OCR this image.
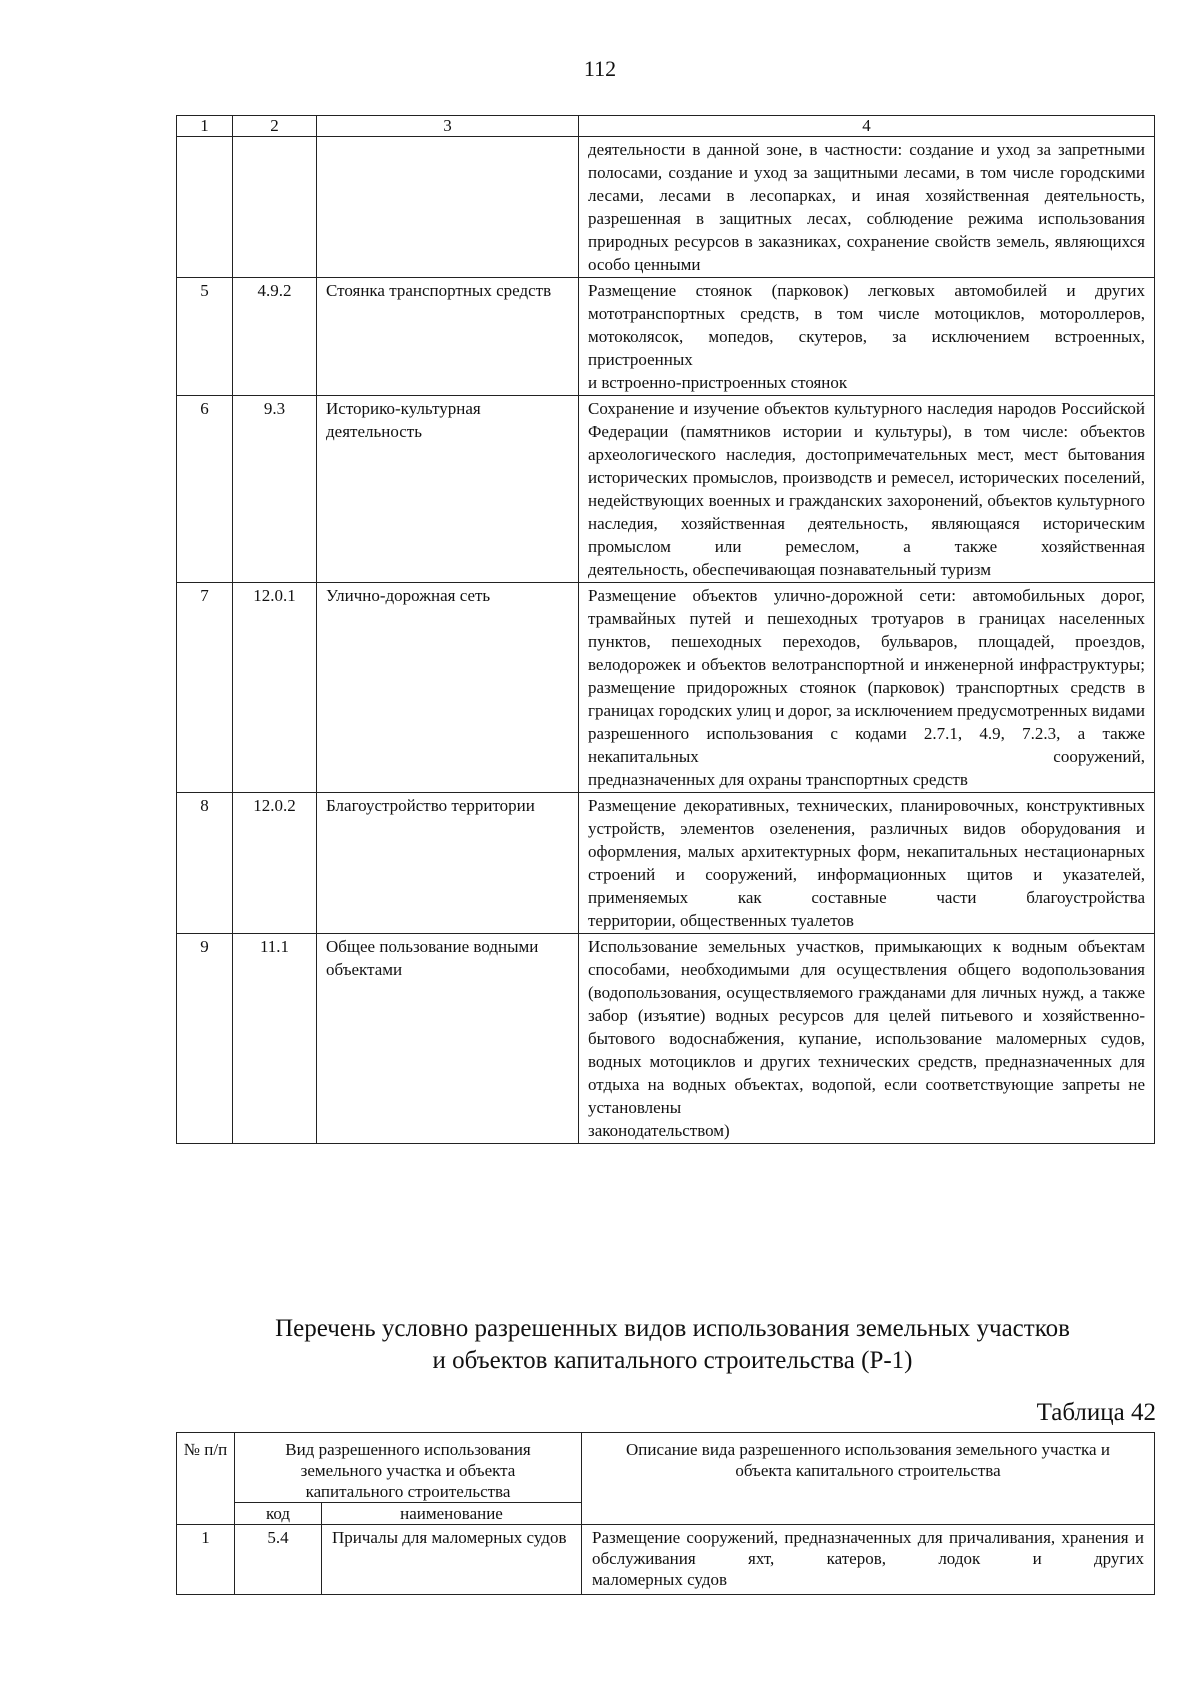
112
1	2	3	4
			деятельности в данной зоне, в частности: создание и уход за запретными полосами, создание и уход за защитными лесами, в том числе городскими лесами, лесами в лесопарках, и иная хозяйственная деятельность, разрешенная в защитных лесах, соблюдение режима использования природных ресурсов в заказниках, сохранение свойств земель, являющихся
особо ценными

5	4.9.2	Стоянка транспортных средств	Размещение стоянок (парковок) легковых автомобилей и других мототранспортных средств, в том числе мотоциклов, мотороллеров, мотоколясок, мопедов, скутеров, за исключением встроенных, пристроенных
и встроенно-пристроенных стоянок

6	9.3	Историко-культурная деятельность	Сохранение и изучение объектов культурного наследия народов Российской Федерации (памятников истории и культуры), в том числе: объектов археологического наследия, достопримечательных мест, мест бытования исторических промыслов, производств и ремесел, исторических поселений, недействующих военных и гражданских захоронений, объектов культурного наследия, хозяйственная деятельность, являющаяся историческим промыслом или ремеслом, а также хозяйственная
деятельность, обеспечивающая познавательный туризм

7	12.0.1	Улично-дорожная сеть	Размещение объектов улично-дорожной сети: автомобильных дорог, трамвайных путей и пешеходных тротуаров в границах населенных пунктов, пешеходных переходов, бульваров, площадей, проездов, велодорожек и объектов велотранспортной и инженерной инфраструктуры; размещение придорожных стоянок (парковок) транспортных средств в границах городских улиц и дорог, за исключением предусмотренных видами разрешенного использования с кодами 2.7.1, 4.9, 7.2.3, а также некапитальных сооружений,
предназначенных для охраны транспортных средств

8	12.0.2	Благоустройство территории	Размещение декоративных, технических, планировочных, конструктивных устройств, элементов озеленения, различных видов оборудования и оформления, малых архитектурных форм, некапитальных нестационарных строений и сооружений, информационных щитов и указателей, применяемых как составные части благоустройства
территории, общественных туалетов

9	11.1	Общее пользование водными объектами	Использование земельных участков, примыкающих к водным объектам способами, необходимыми для осуществления общего водопользования (водопользования, осуществляемого гражданами для личных нужд, а также забор (изъятие) водных ресурсов для целей питьевого и хозяйственно-бытового водоснабжения, купание, использование маломерных судов, водных мотоциклов и других технических средств, предназначенных для отдыха на водных объектах, водопой, если соответствующие запреты не установлены
законодательством)
Перечень условно разрешенных видов использования земельных участков
и объектов капитального строительства (Р-1)
Таблица 42
№ п/п	Вид разрешенного использования земельного участка и объекта капитального строительства		Описание вида разрешенного использования земельного участка и объекта капитального строительства
	код	наименование	
1	5.4	Причалы для маломерных судов	Размещение сооружений, предназначенных для причаливания, хранения и обслуживания яхт, катеров, лодок и других
маломерных судов
